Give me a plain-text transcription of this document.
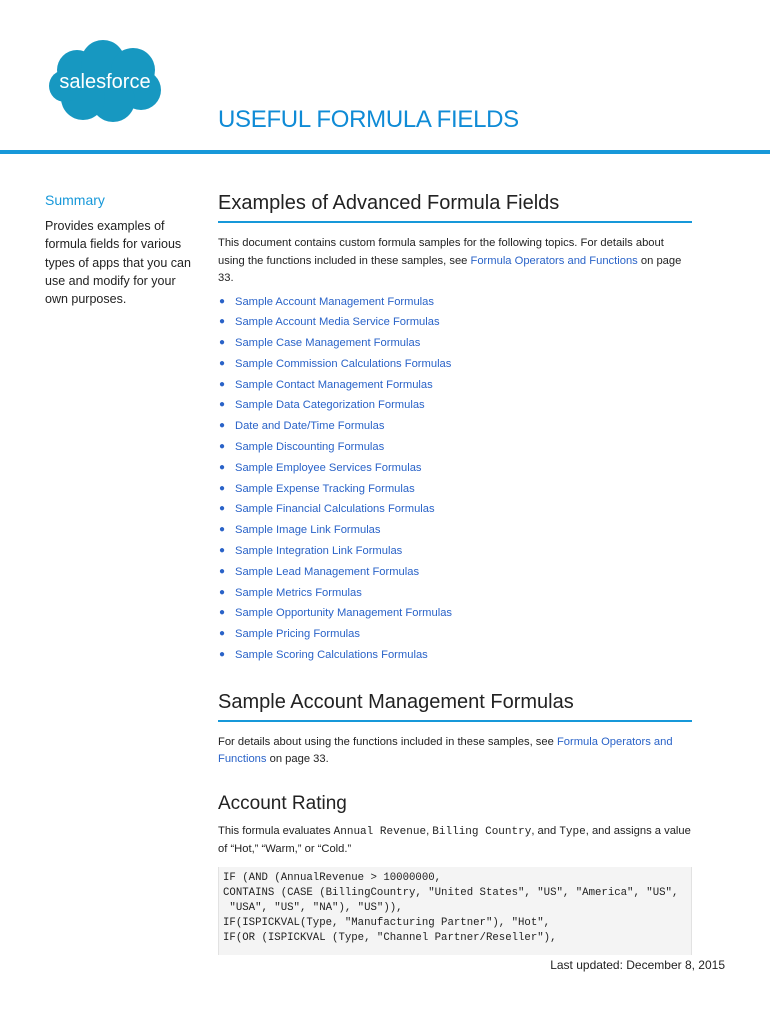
salesforce
USEFUL FORMULA FIELDS
Summary

Provides examples of formula fields for various types of apps that you can use and modify for your own purposes.

Examples of Advanced Formula Fields

This document contains custom formula samples for the following topics. For details about using the functions included in these samples, see Formula Operators and Functions on page 33.

● Sample Account Management Formulas
● Sample Account Media Service Formulas
● Sample Case Management Formulas
● Sample Commission Calculations Formulas
● Sample Contact Management Formulas
● Sample Data Categorization Formulas
● Date and Date/Time Formulas
● Sample Discounting Formulas
● Sample Employee Services Formulas
● Sample Expense Tracking Formulas
● Sample Financial Calculations Formulas
● Sample Image Link Formulas
● Sample Integration Link Formulas
● Sample Lead Management Formulas
● Sample Metrics Formulas
● Sample Opportunity Management Formulas
● Sample Pricing Formulas
● Sample Scoring Calculations Formulas
Sample Account Management Formulas

For details about using the functions included in these samples, see Formula Operators and Functions on page 33.

Account Rating

This formula evaluates Annual Revenue, Billing Country, and Type, and assigns a value of “Hot,” “Warm,” or “Cold.”

IF (AND (AnnualRevenue > 10000000,
CONTAINS (CASE (BillingCountry, "United States", "US", "America", "US",
"USA", "US", "NA"), "US")),
IF(ISPICKVAL(Type, "Manufacturing Partner"), "Hot",
IF(OR (ISPICKVAL (Type, "Channel Partner/Reseller"),
Last updated: December 8, 2015
